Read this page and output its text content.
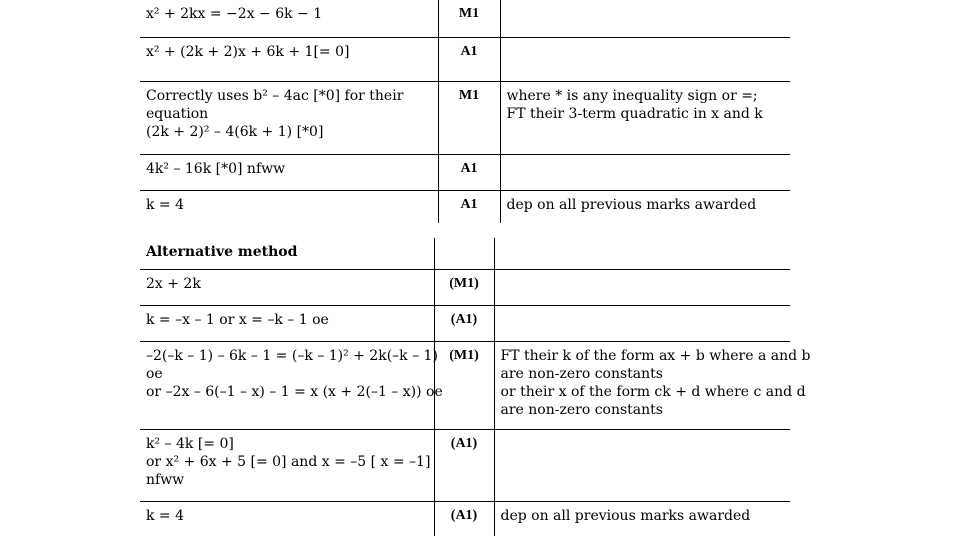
x² + 2kx = −2x − 6k − 1	M1	

x² + (2k + 2)x + 6k + 1[= 0]	A1	

Correctly uses b² – 4ac [*0] for their
equation
(2k + 2)² – 4(6k + 1) [*0]	M1	where * is any inequality sign or =;
FT their 3-term quadratic in x and k

4k² – 16k [*0] nfww	A1	

k = 4	A1	dep on all previous marks awarded
Alternative method		

2x + 2k	(M1)	

k = –x – 1 or x = –k – 1 oe	(A1)	

–2(–k – 1) – 6k – 1 = (–k – 1)² + 2k(–k – 1)
oe
or –2x – 6(–1 – x) – 1 = x (x + 2(–1 – x)) oe	(M1)	FT their k of the form ax + b where a and b
are non-zero constants
or their x of the form ck + d where c and d
are non-zero constants

k² – 4k [= 0]
or x² + 6x + 5 [= 0] and x = –5 [ x = –1]
nfww	(A1)	

k = 4	(A1)	dep on all previous marks awarded
